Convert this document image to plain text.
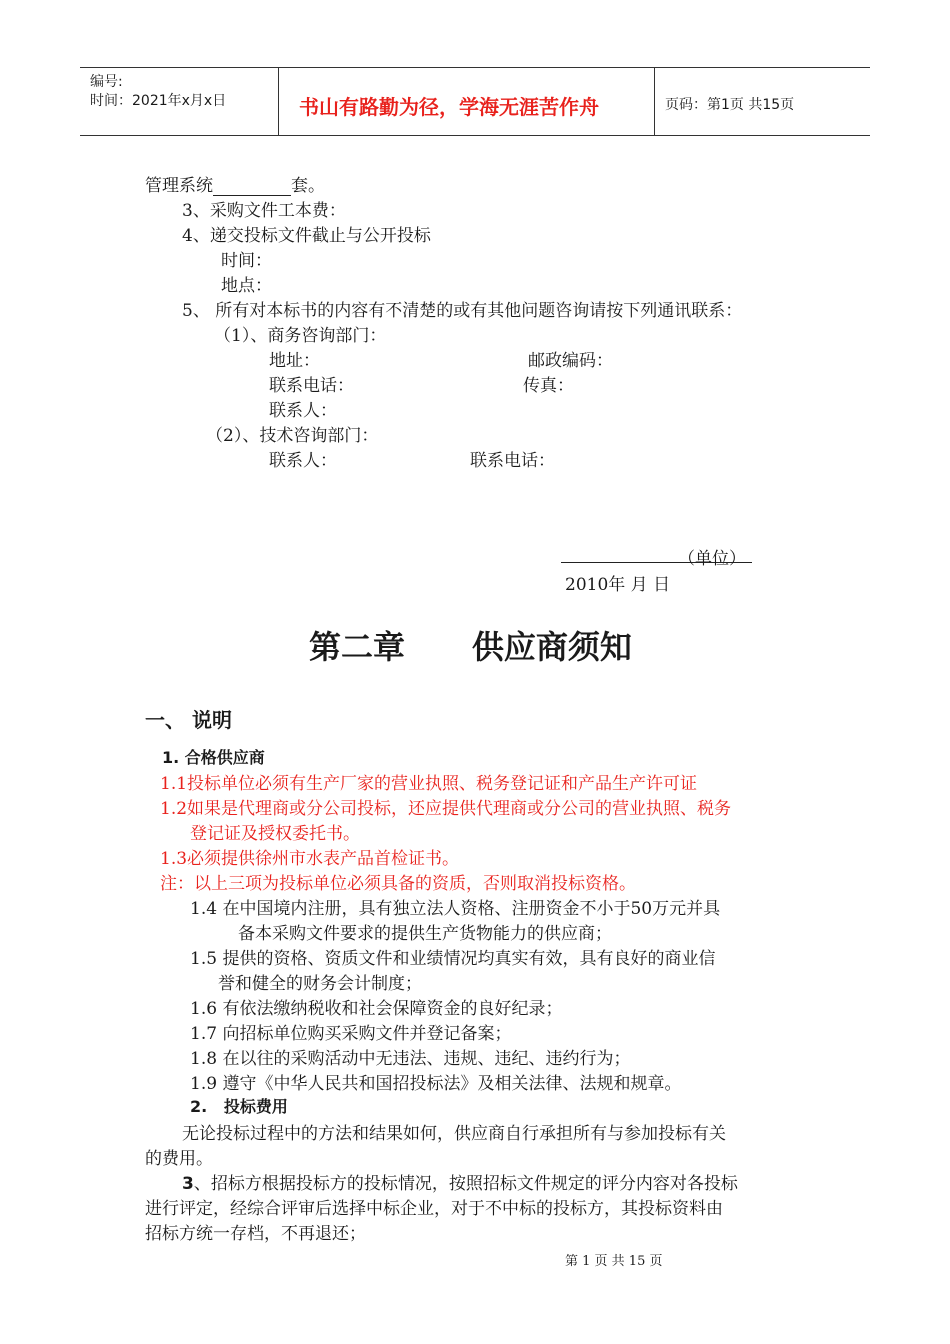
编号:
时间：2021年x月x日	书山有路勤为径，学海无涯苦作舟	页码：第1页 共15页
管理系统	套。
3、采购文件工本费：
4、递交投标文件截止与公开投标
时间：
地点：
5、 所有对本标书的内容有不清楚的或有其他问题咨询请按下列通讯联系：
（1）、商务咨询部门：
地址：	邮政编码：
联系电话：	传真：
联系人：
（2）、技术咨询部门：
联系人：	联系电话：
（单位）
2010年 月 日
第二章      供应商须知
一、 说明
1. 合格供应商
1.1投标单位必须有生产厂家的营业执照、税务登记证和产品生产许可证
1.2如果是代理商或分公司投标，还应提供代理商或分公司的营业执照、税务
登记证及授权委托书。
1.3必须提供徐州市水表产品首检证书。
注：以上三项为投标单位必须具备的资质，否则取消投标资格。
1.4 在中国境内注册，具有独立法人资格、注册资金不小于50万元并具
备本采购文件要求的提供生产货物能力的供应商；
1.5 提供的资格、资质文件和业绩情况均真实有效，具有良好的商业信
誉和健全的财务会计制度；
1.6 有依法缴纳税收和社会保障资金的良好纪录；
1.7 向招标单位购买采购文件并登记备案；
1.8 在以往的采购活动中无违法、违规、违纪、违约行为；
1.9 遵守《中华人民共和国招投标法》及相关法律、法规和规章。
2.   投标费用
无论投标过程中的方法和结果如何，供应商自行承担所有与参加投标有关
的费用。
3、招标方根据投标方的投标情况，按照招标文件规定的评分内容对各投标
进行评定，经综合评审后选择中标企业，对于不中标的投标方，其投标资料由
招标方统一存档，不再退还；
第 1 页 共 15 页
